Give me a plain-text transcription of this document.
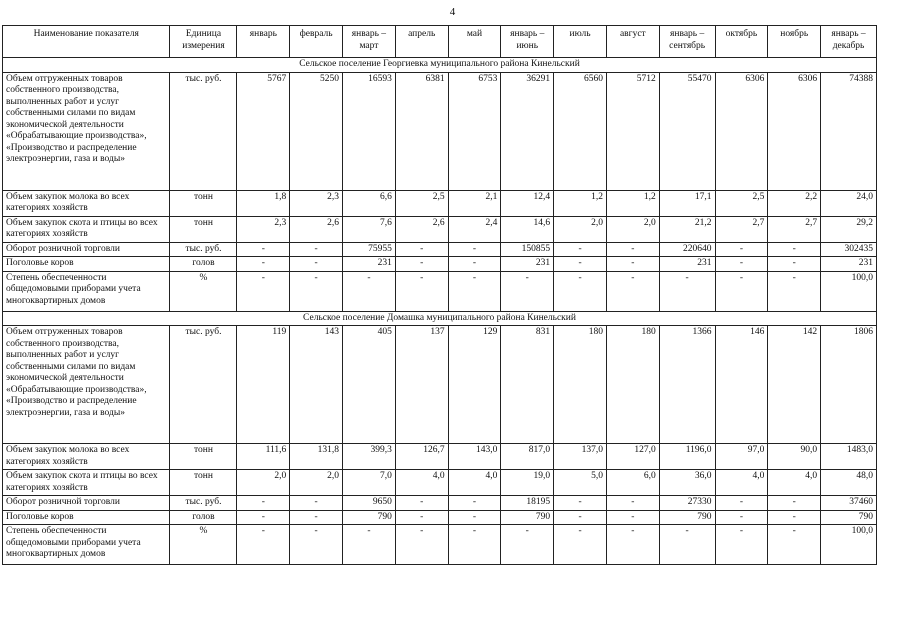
4
Наименование показателя	Единица измерения	январь	февраль	январь – март	апрель	май	январь – июнь	июль	август	январь – сентябрь	октябрь	ноябрь	январь – декабрь
Сельское поселение Георгиевка муниципального района Кинельский													
Объем отгруженных товаров собственного производства, выполненных работ и услуг собственными силами по видам экономической деятельности «Обрабатывающие производства», «Производство и распределение электроэнергии, газа и воды»	тыс. руб.	5767	5250	16593	6381	6753	36291	6560	5712	55470	6306	6306	74388
Объем закупок молока во всех категориях хозяйств	тонн	1,8	2,3	6,6	2,5	2,1	12,4	1,2	1,2	17,1	2,5	2,2	24,0
Объем закупок скота и птицы во всех категориях хозяйств	тонн	2,3	2,6	7,6	2,6	2,4	14,6	2,0	2,0	21,2	2,7	2,7	29,2
Оборот розничной торговли	тыс. руб.	-	-	75955	-	-	150855	-	-	220640	-	-	302435
Поголовье коров	голов	-	-	231	-	-	231	-	-	231	-	-	231
Степень обеспеченности общедомовыми приборами учета многоквартирных домов	%	-	-	-	-	-	-	-	-	-	-	-	100,0
Сельское поселение Домашка муниципального района Кинельский													
Объем отгруженных товаров собственного производства, выполненных работ и услуг собственными силами по видам экономической деятельности «Обрабатывающие производства», «Производство и распределение электроэнергии, газа и воды»	тыс. руб.	119	143	405	137	129	831	180	180	1366	146	142	1806
Объем закупок молока во всех категориях хозяйств	тонн	111,6	131,8	399,3	126,7	143,0	817,0	137,0	127,0	1196,0	97,0	90,0	1483,0
Объем закупок скота и птицы во всех категориях хозяйств	тонн	2,0	2,0	7,0	4,0	4,0	19,0	5,0	6,0	36,0	4,0	4,0	48,0
Оборот розничной торговли	тыс. руб.	-	-	9650	-	-	18195	-	-	27330	-	-	37460
Поголовье коров	голов	-	-	790	-	-	790	-	-	790	-	-	790
Степень обеспеченности общедомовыми приборами учета многоквартирных домов	%	-	-	-	-	-	-	-	-	-	-	-	100,0
